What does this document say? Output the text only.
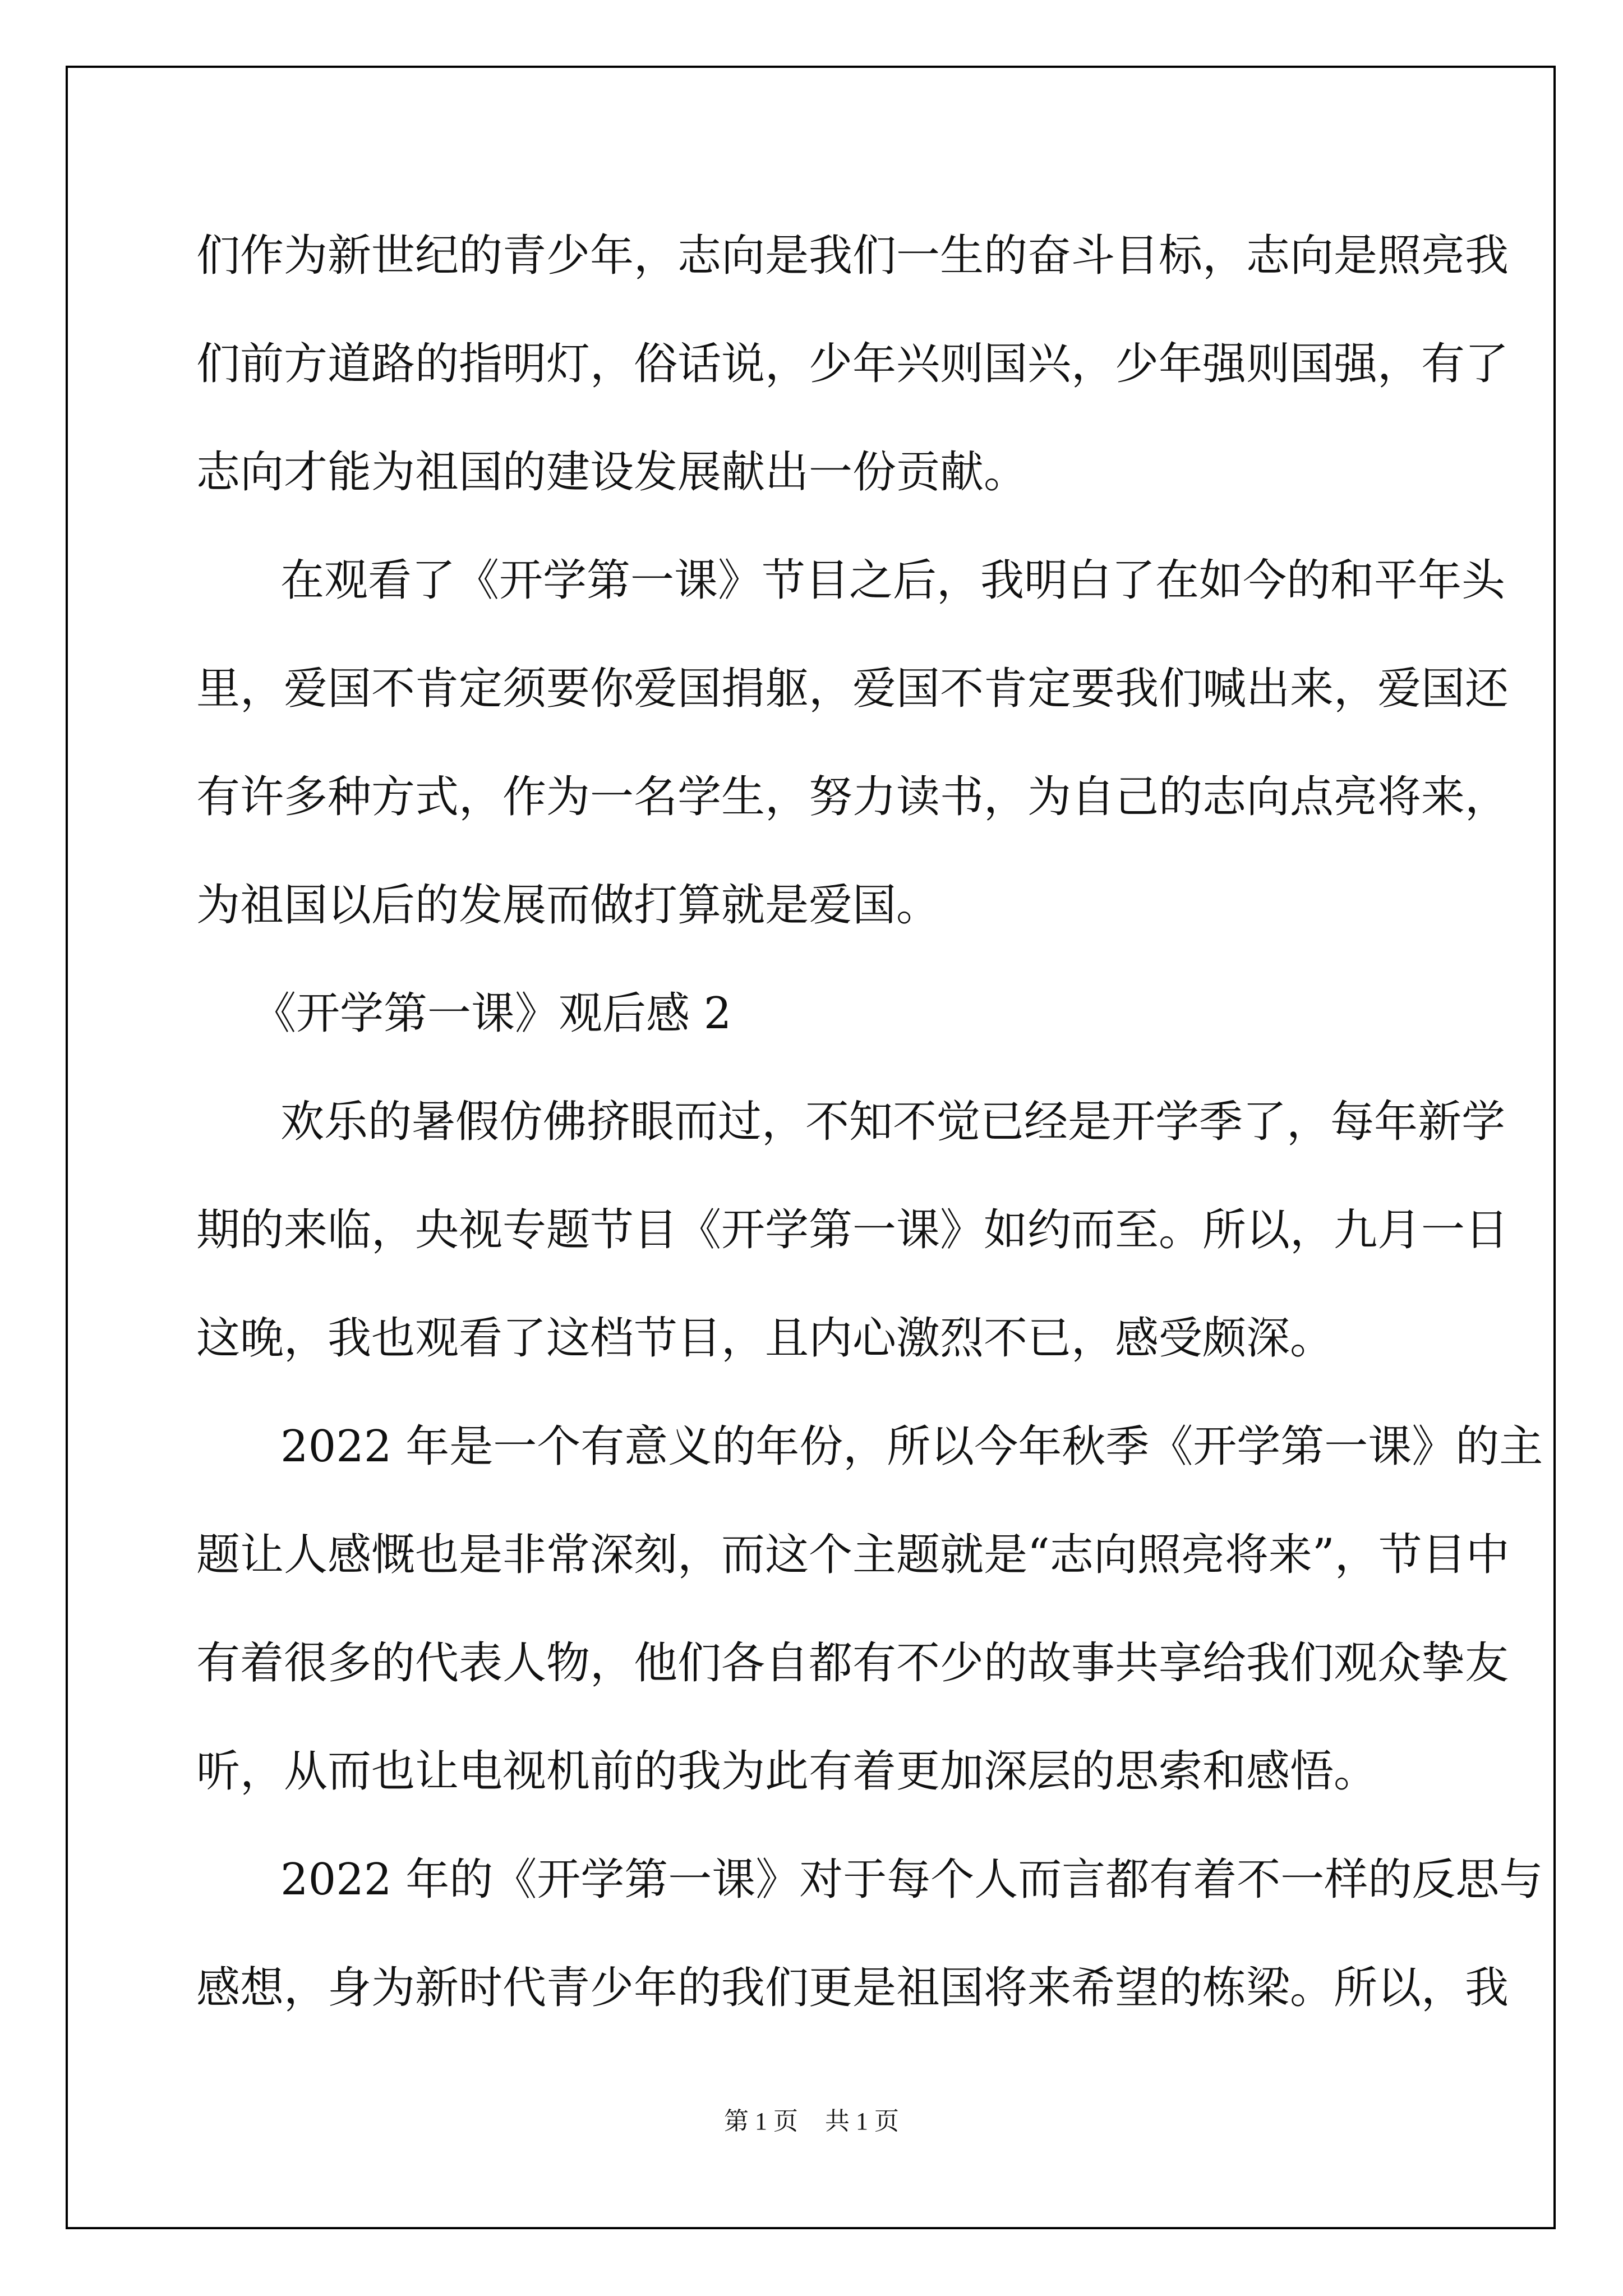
们作为新世纪的青少年，志向是我们一生的奋斗目标，志向是照亮我
们前方道路的指明灯，俗话说，少年兴则国兴，少年强则国强，有了
志向才能为祖国的建设发展献出一份贡献。
在观看了《开学第一课》节目之后，我明白了在如今的和平年头
里，爱国不肯定须要你爱国捐躯，爱国不肯定要我们喊出来，爱国还
有许多种方式，作为一名学生，努力读书，为自己的志向点亮将来，
为祖国以后的发展而做打算就是爱国。
《开学第一课》观后感 2
欢乐的暑假仿佛挤眼而过，不知不觉已经是开学季了，每年新学
期的来临，央视专题节目《开学第一课》如约而至。所以，九月一日
这晚，我也观看了这档节目，且内心激烈不已，感受颇深。
2022 年是一个有意义的年份，所以今年秋季《开学第一课》的主
题让人感慨也是非常深刻，而这个主题就是“志向照亮将来”，节目中
有着很多的代表人物，他们各自都有不少的故事共享给我们观众挚友
听，从而也让电视机前的我为此有着更加深层的思索和感悟。
2022 年的《开学第一课》对于每个人而言都有着不一样的反思与
感想，身为新时代青少年的我们更是祖国将来希望的栋梁。所以，我
第 1 页 共 1 页
